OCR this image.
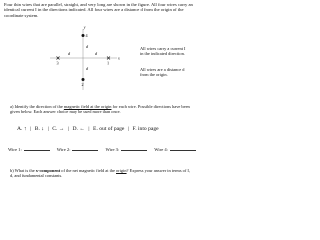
Four thin wires that are parallel, straight, and very long are shown in the figure. All four wires carry an identical current I in the directions indicated. All four wires are a distance d from the origin of the coordinate system.

y
x
d
d	d
d
4
3	1
2

All wires carry a current I in the indicated direction.

All wires are a distance d from the origin.

a) Identify the direction of the magnetic field at the origin for each wire. Possible directions have been given below. Each answer choice may be used more than once.

A. ↑ | B. ↓ | C. → | D. ← | E. out of page | F. into page
Wire 1:	Wire 2:	Wire 3:	Wire 4:

b) What is the x-component of the net magnetic field at the origin? Express your answer in terms of I, d, and fundamental constants.
